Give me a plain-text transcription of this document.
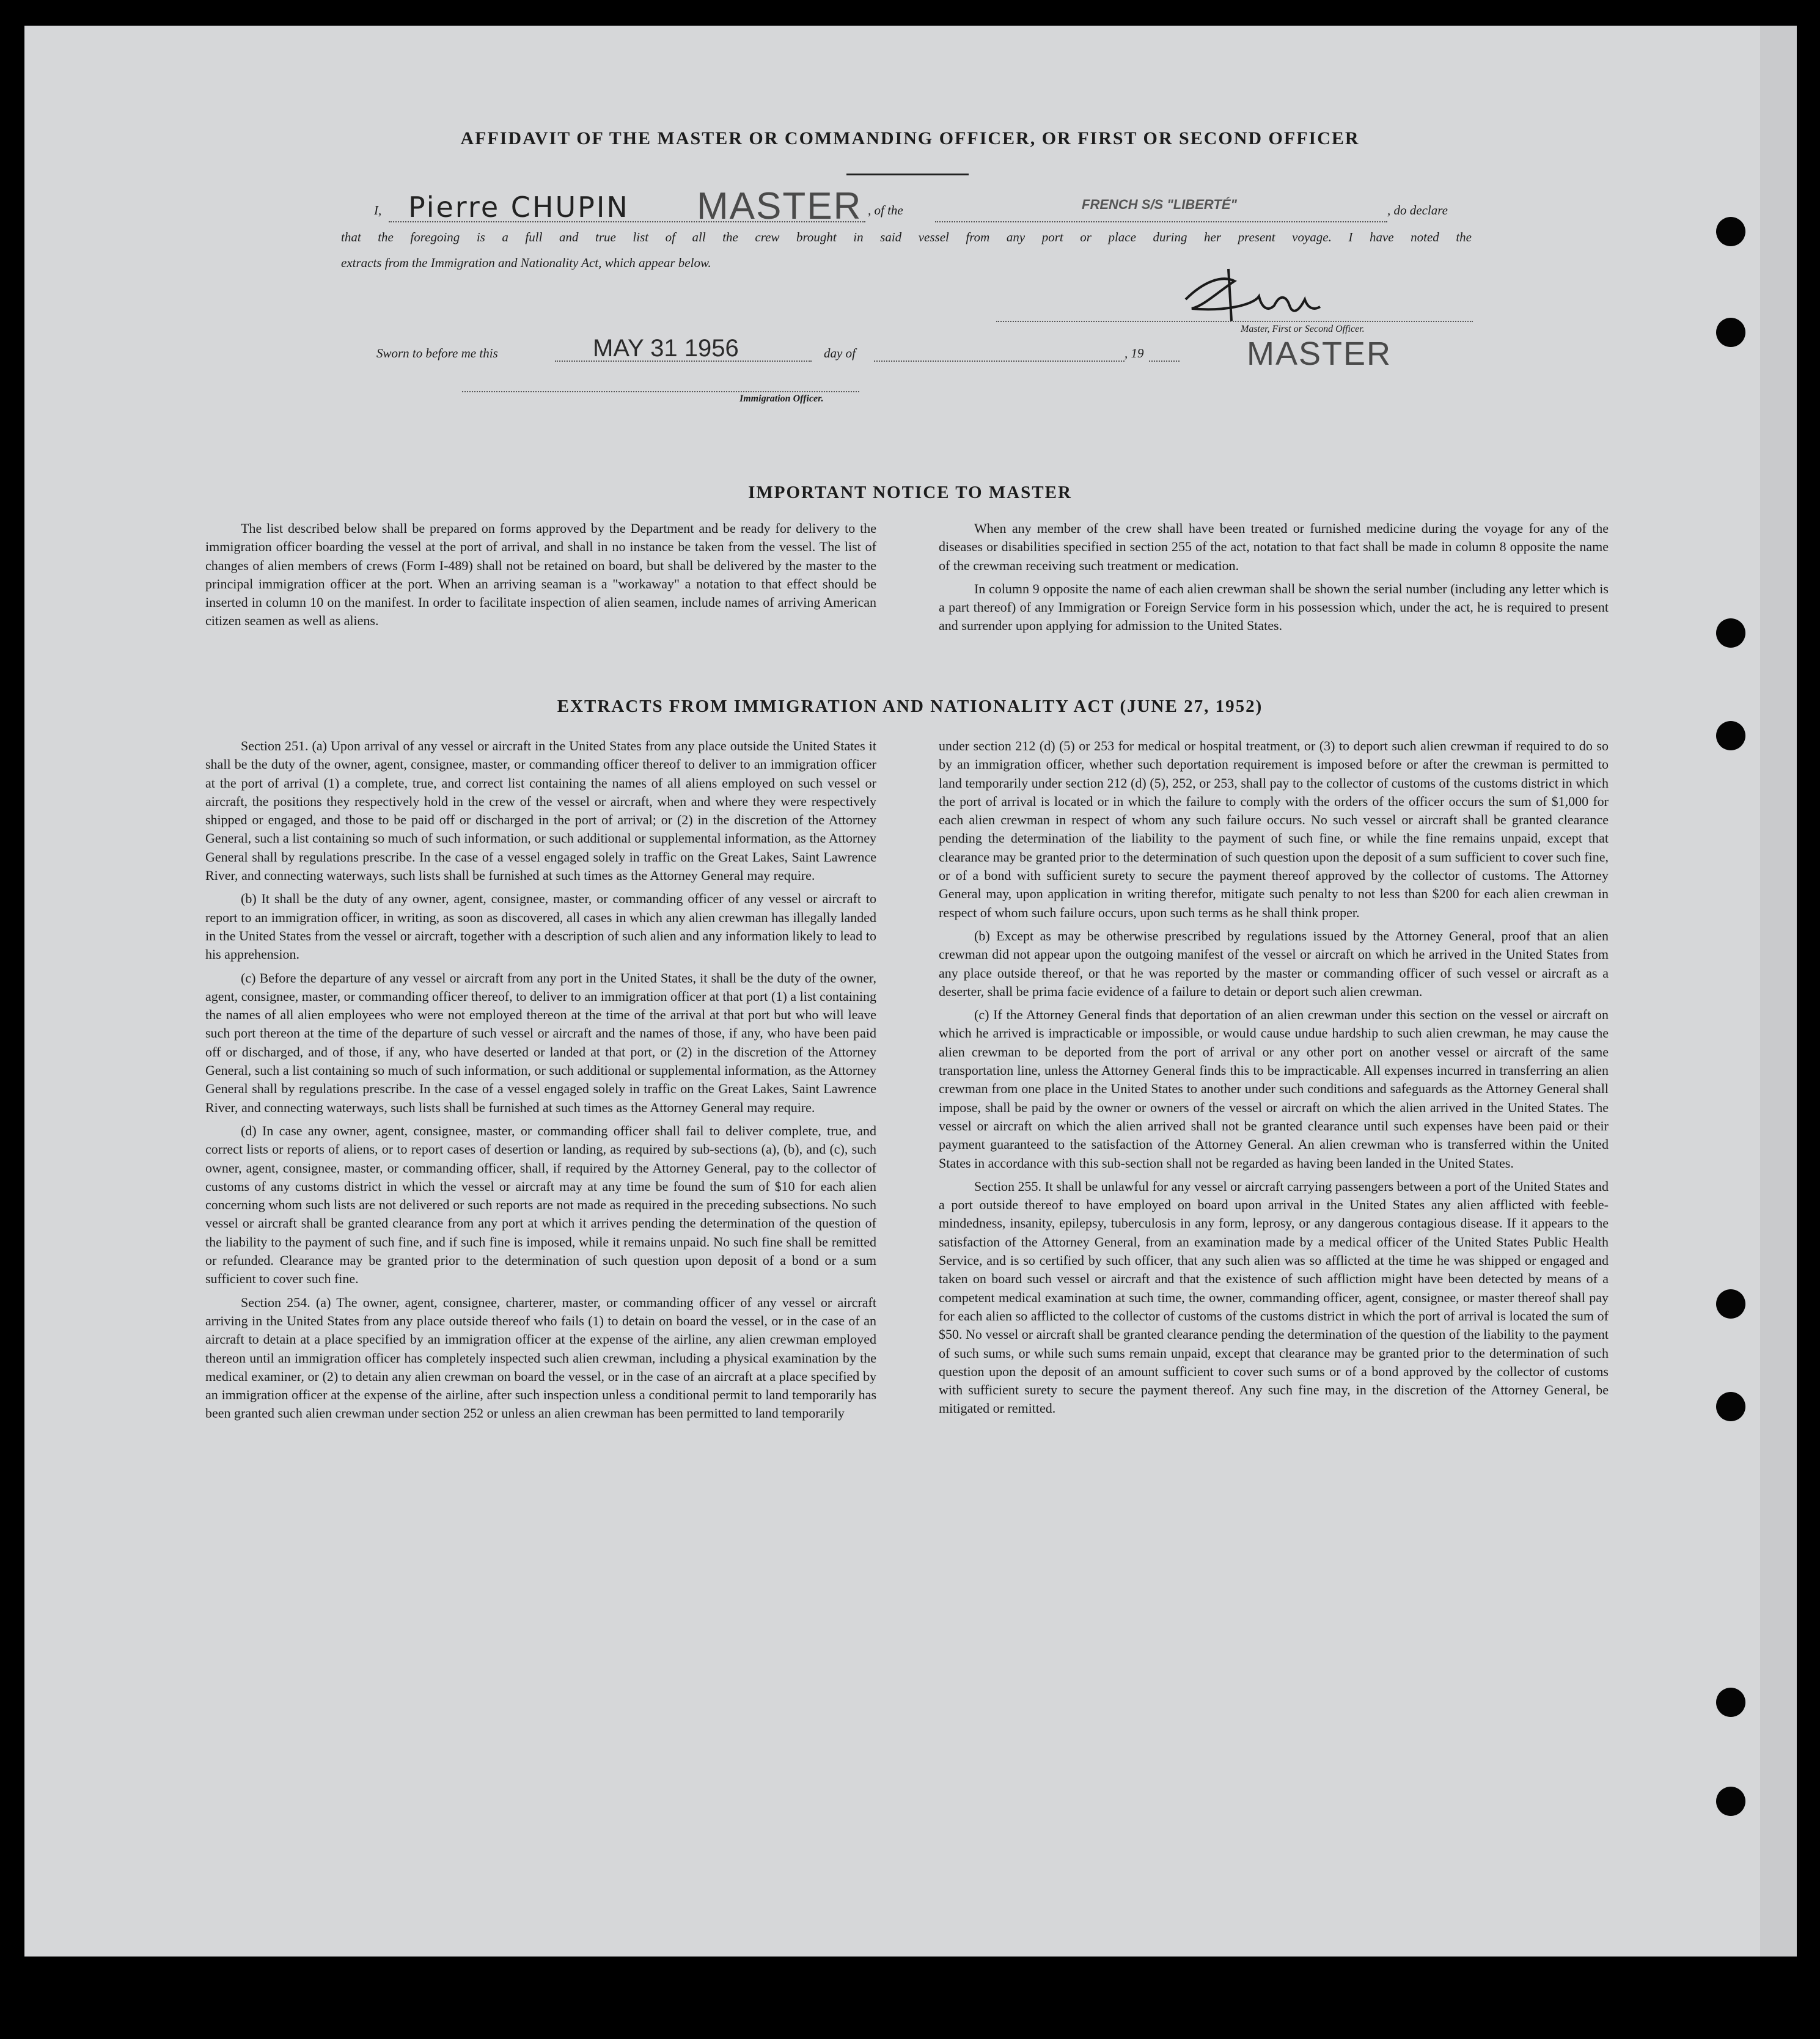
AFFIDAVIT OF THE MASTER OR COMMANDING OFFICER, OR FIRST OR SECOND OFFICER
I, Pierre CHUPIN MASTER , of the	FRENCH S/S "LIBERTÉ"	, do declare
that the foregoing is a full and true list of all the crew brought in said vessel from any port or place during her present voyage. I have noted the
extracts from the Immigration and Nationality Act, which appear below.
Master, First or Second Officer.
MASTER
Sworn to before me this	MAY 31 1956	day of	, 19
Immigration Officer.
IMPORTANT NOTICE TO MASTER

The list described below shall be prepared on forms approved by the Department and be ready for delivery to the immigration officer boarding the vessel at the port of arrival, and shall in no instance be taken from the vessel. The list of changes of alien members of crews (Form I-489) shall not be retained on board, but shall be delivered by the master to the principal immigration officer at the port. When an arriving seaman is a "workaway" a notation to that effect should be inserted in column 10 on the manifest. In order to facilitate inspection of alien seamen, include names of arriving American citizen seamen as well as aliens.

When any member of the crew shall have been treated or furnished medicine during the voyage for any of the diseases or disabilities specified in section 255 of the act, notation to that fact shall be made in column 8 opposite the name of the crewman receiving such treatment or medication.

In column 9 opposite the name of each alien crewman shall be shown the serial number (including any letter which is a part thereof) of any Immigration or Foreign Service form in his possession which, under the act, he is required to present and surrender upon applying for admission to the United States.

EXTRACTS FROM IMMIGRATION AND NATIONALITY ACT (JUNE 27, 1952)

Section 251. (a) Upon arrival of any vessel or aircraft in the United States from any place outside the United States it shall be the duty of the owner, agent, consignee, master, or commanding officer thereof to deliver to an immigration officer at the port of arrival (1) a complete, true, and correct list containing the names of all aliens employed on such vessel or aircraft, the positions they respectively hold in the crew of the vessel or aircraft, when and where they were respectively shipped or engaged, and those to be paid off or discharged in the port of arrival; or (2) in the discretion of the Attorney General, such a list containing so much of such information, or such additional or supplemental information, as the Attorney General shall by regulations prescribe. In the case of a vessel engaged solely in traffic on the Great Lakes, Saint Lawrence River, and connecting waterways, such lists shall be furnished at such times as the Attorney General may require.

(b) It shall be the duty of any owner, agent, consignee, master, or commanding officer of any vessel or aircraft to report to an immigration officer, in writing, as soon as discovered, all cases in which any alien crewman has illegally landed in the United States from the vessel or aircraft, together with a description of such alien and any information likely to lead to his apprehension.

(c) Before the departure of any vessel or aircraft from any port in the United States, it shall be the duty of the owner, agent, consignee, master, or commanding officer thereof, to deliver to an immigration officer at that port (1) a list containing the names of all alien employees who were not employed thereon at the time of the arrival at that port but who will leave such port thereon at the time of the departure of such vessel or aircraft and the names of those, if any, who have been paid off or discharged, and of those, if any, who have deserted or landed at that port, or (2) in the discretion of the Attorney General, such a list containing so much of such information, or such additional or supplemental information, as the Attorney General shall by regulations prescribe. In the case of a vessel engaged solely in traffic on the Great Lakes, Saint Lawrence River, and connecting waterways, such lists shall be furnished at such times as the Attorney General may require.

(d) In case any owner, agent, consignee, master, or commanding officer shall fail to deliver complete, true, and correct lists or reports of aliens, or to report cases of desertion or landing, as required by sub-sections (a), (b), and (c), such owner, agent, consignee, master, or commanding officer, shall, if required by the Attorney General, pay to the collector of customs of any customs district in which the vessel or aircraft may at any time be found the sum of $10 for each alien concerning whom such lists are not delivered or such reports are not made as required in the preceding subsections. No such vessel or aircraft shall be granted clearance from any port at which it arrives pending the determination of the question of the liability to the payment of such fine, and if such fine is imposed, while it remains unpaid. No such fine shall be remitted or refunded. Clearance may be granted prior to the determination of such question upon deposit of a bond or a sum sufficient to cover such fine.

Section 254. (a) The owner, agent, consignee, charterer, master, or commanding officer of any vessel or aircraft arriving in the United States from any place outside thereof who fails (1) to detain on board the vessel, or in the case of an aircraft to detain at a place specified by an immigration officer at the expense of the airline, any alien crewman employed thereon until an immigration officer has completely inspected such alien crewman, including a physical examination by the medical examiner, or (2) to detain any alien crewman on board the vessel, or in the case of an aircraft at a place specified by an immigration officer at the expense of the airline, after such inspection unless a conditional permit to land temporarily has been granted such alien crewman under section 252 or unless an alien crewman has been permitted to land temporarily

under section 212 (d) (5) or 253 for medical or hospital treatment, or (3) to deport such alien crewman if required to do so by an immigration officer, whether such deportation requirement is imposed before or after the crewman is permitted to land temporarily under section 212 (d) (5), 252, or 253, shall pay to the collector of customs of the customs district in which the port of arrival is located or in which the failure to comply with the orders of the officer occurs the sum of $1,000 for each alien crewman in respect of whom any such failure occurs. No such vessel or aircraft shall be granted clearance pending the determination of the liability to the payment of such fine, or while the fine remains unpaid, except that clearance may be granted prior to the determination of such question upon the deposit of a sum sufficient to cover such fine, or of a bond with sufficient surety to secure the payment thereof approved by the collector of customs. The Attorney General may, upon application in writing therefor, mitigate such penalty to not less than $200 for each alien crewman in respect of whom such failure occurs, upon such terms as he shall think proper.

(b) Except as may be otherwise prescribed by regulations issued by the Attorney General, proof that an alien crewman did not appear upon the outgoing manifest of the vessel or aircraft on which he arrived in the United States from any place outside thereof, or that he was reported by the master or commanding officer of such vessel or aircraft as a deserter, shall be prima facie evidence of a failure to detain or deport such alien crewman.

(c) If the Attorney General finds that deportation of an alien crewman under this section on the vessel or aircraft on which he arrived is impracticable or impossible, or would cause undue hardship to such alien crewman, he may cause the alien crewman to be deported from the port of arrival or any other port on another vessel or aircraft of the same transportation line, unless the Attorney General finds this to be impracticable. All expenses incurred in transferring an alien crewman from one place in the United States to another under such conditions and safeguards as the Attorney General shall impose, shall be paid by the owner or owners of the vessel or aircraft on which the alien arrived in the United States. The vessel or aircraft on which the alien arrived shall not be granted clearance until such expenses have been paid or their payment guaranteed to the satisfaction of the Attorney General. An alien crewman who is transferred within the United States in accordance with this sub-section shall not be regarded as having been landed in the United States.

Section 255. It shall be unlawful for any vessel or aircraft carrying passengers between a port of the United States and a port outside thereof to have employed on board upon arrival in the United States any alien afflicted with feeble-mindedness, insanity, epilepsy, tuberculosis in any form, leprosy, or any dangerous contagious disease. If it appears to the satisfaction of the Attorney General, from an examination made by a medical officer of the United States Public Health Service, and is so certified by such officer, that any such alien was so afflicted at the time he was shipped or engaged and taken on board such vessel or aircraft and that the existence of such affliction might have been detected by means of a competent medical examination at such time, the owner, commanding officer, agent, consignee, or master thereof shall pay for each alien so afflicted to the collector of customs of the customs district in which the port of arrival is located the sum of $50. No vessel or aircraft shall be granted clearance pending the determination of the question of the liability to the payment of such sums, or while such sums remain unpaid, except that clearance may be granted prior to the determination of such question upon the deposit of an amount sufficient to cover such sums or of a bond approved by the collector of customs with sufficient surety to secure the payment thereof. Any such fine may, in the discretion of the Attorney General, be mitigated or remitted.
